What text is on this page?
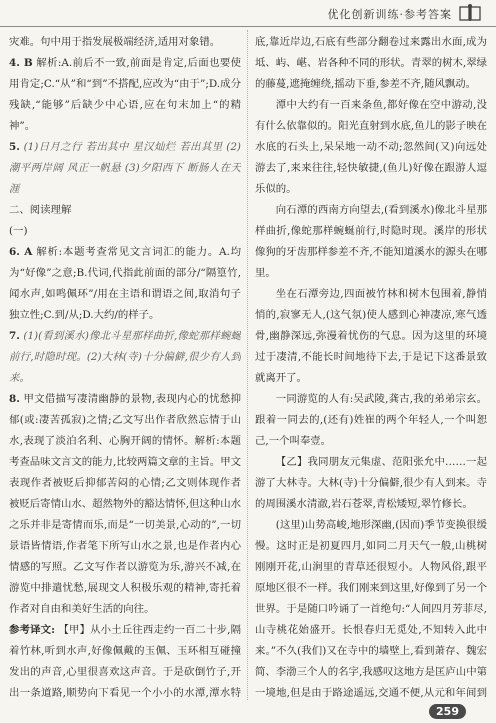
优化创新训练·参考答案

灾难。句中用于指发展极端经济,适用对象错。

4. B 解析:A.前后不一致,前面是肯定,后面也要使用肯定;C.“从”和“到”不搭配,应改为“由于”;D.成分残缺,“能够”后缺少中心语,应在句末加上“的精神”。

5. (1)日月之行 若出其中 星汉灿烂 若出其里 (2)潮平两岸阔 风正一帆悬 (3)夕阳西下 断肠人在天涯

二、阅读理解

(一)

6. A 解析:本题考查常见文言词汇的能力。A.均为“好像”之意;B.代词,代指此前面的部分/“隔篁竹,闻水声,如鸣佩环”/用在主语和谓语之间,取消句子独立性;C.到/从;D.大约/的样子。

7. (1)(看到溪水)像北斗星那样曲折,像蛇那样蜿蜒前行,时隐时现。(2)大林(寺)十分偏僻,很少有人到来。

8. 甲文借描写凄清幽静的景物,表现内心的忧愁抑郁(或:凄苦孤寂)之情;乙文写出作者欣然忘情于山水,表现了淡泊名利、心胸开阔的情怀。解析:本题考查品味文言文的能力,比较两篇文章的主旨。甲文表现作者被贬后抑郁苦闷的心情;乙文则体现作者被贬后寄情山水、超然物外的豁达情怀,但这种山水之乐并非是寄情而乐,而是“一切美景,心动的”,一切景语皆情语,作者笔下所写山水之景,也是作者内心情感的写照。乙文写作者以游览为乐,游兴不减,在游览中排遣忧愁,展现文人积极乐观的精神,寄托着作者对自由和美好生活的向往。

参考译文: 【甲】从小土丘往西走约一百二十步,隔着竹林,听到水声,好像佩戴的玉佩、玉环相互碰撞发出的声音,心里很喜欢这声音。于是砍倒竹子,开出一条道路,顺势向下看见一个小小的水潭,潭水特

底,靠近岸边,石底有些部分翻卷过来露出水面,成为坻、屿、嵁、岩各种不同的形状。青翠的树木,翠绿的藤蔓,遮掩缠绕,摇动下垂,参差不齐,随风飘动。

潭中大约有一百来条鱼,都好像在空中游动,没有什么依靠似的。阳光直射到水底,鱼儿的影子映在水底的石头上,呆呆地一动不动;忽然间(又)向远处游去了,来来往往,轻快敏捷,(鱼儿)好像在跟游人逗乐似的。

向石潭的西南方向望去,(看到溪水)像北斗星那样曲折,像蛇那样蜿蜒前行,时隐时现。溪岸的形状像狗的牙齿那样参差不齐,不能知道溪水的源头在哪里。

坐在石潭旁边,四面被竹林和树木包围着,静悄悄的,寂寥无人,(这气氛)使人感到心神凄凉,寒气透骨,幽静深远,弥漫着忧伤的气息。因为这里的环境过于凄清,不能长时间地待下去,于是记下这番景致就离开了。

一同游览的人有:吴武陵,龚古,我的弟弟宗玄。跟着一同去的,(还有)姓崔的两个年轻人,一个叫恕己,一个叫奉壹。

【乙】我同朋友元集虚、范阳张允中……一起游了大林寺。大林(寺)十分偏僻,很少有人到来。寺的周围溪水清澈,岩石苍翠,青松矮短,翠竹修长。

(这里)山势高峻,地形深幽,(因而)季节变换很缓慢。这时正是初夏四月,如同二月天气一般,山桃树刚刚开花,山涧里的青草还很短小。人物风俗,跟平原地区很不一样。我们刚来到这里,好像到了另一个世界。于是随口吟诵了一首绝句:“人间四月芳菲尽,山寺桃花始盛开。长恨春归无觅处,不知转入此中来。”不久(我们)又在寺中的墙壁上,看到萧存、魏宏简、李渤三个人的名字,我感叹这地方是匡庐山中第一境地,但是由于路途遥远,交通不便,从元和年间到

259
